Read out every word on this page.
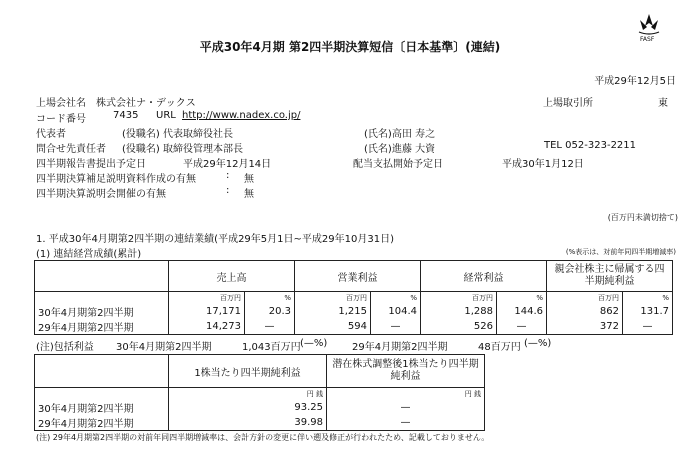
FASF
平成30年4月期 第2四半期決算短信〔日本基準〕(連結)
平成29年12月5日
上場会社名 株式会社ナ・デックス	上場取引所	東
コード番号	7435 URL http://www.nadex.co.jp/
代表者	(役職名) 代表取締役社長	(氏名) 高田 寿之
問合せ先責任者 (役職名) 取締役管理本部長	(氏名) 進藤 大資	TEL 052-323-2211
四半期報告書提出予定日	平成29年12月14日	配当支払開始予定日	平成30年1月12日
四半期決算補足説明資料作成の有無	: 無
四半期決算説明会開催の有無	: 無
(百万円未満切捨て)
1. 平成30年4月期第2四半期の連結業績(平成29年5月1日~平成29年10月31日)
(1) 連結経営成績(累計)	(%表示は、対前年同四半期増減率)
	売上高		営業利益		経常利益		親会社株主に帰属する四半期純利益	
	百万円	%	百万円	%	百万円	%	百万円	%
30年4月期第2四半期	17,171	20.3	1,215	104.4	1,288	144.6	862	131.7
29年4月期第2四半期	14,273	—	594	—	526	—	372	—
(注)包括利益 30年4月期第2四半期	1,043百万円 (—%) 29年4月期第2四半期	48百万円 (—%)
	1株当たり四半期純利益	潜在株式調整後1株当たり四半期純利益
	円 銭	円 銭
30年4月期第2四半期	93.25	—
29年4月期第2四半期	39.98	—
(注) 29年4月期第2四半期の対前年同四半期増減率は、会計方針の変更に伴い遡及修正が行われたため、記載しておりません。
